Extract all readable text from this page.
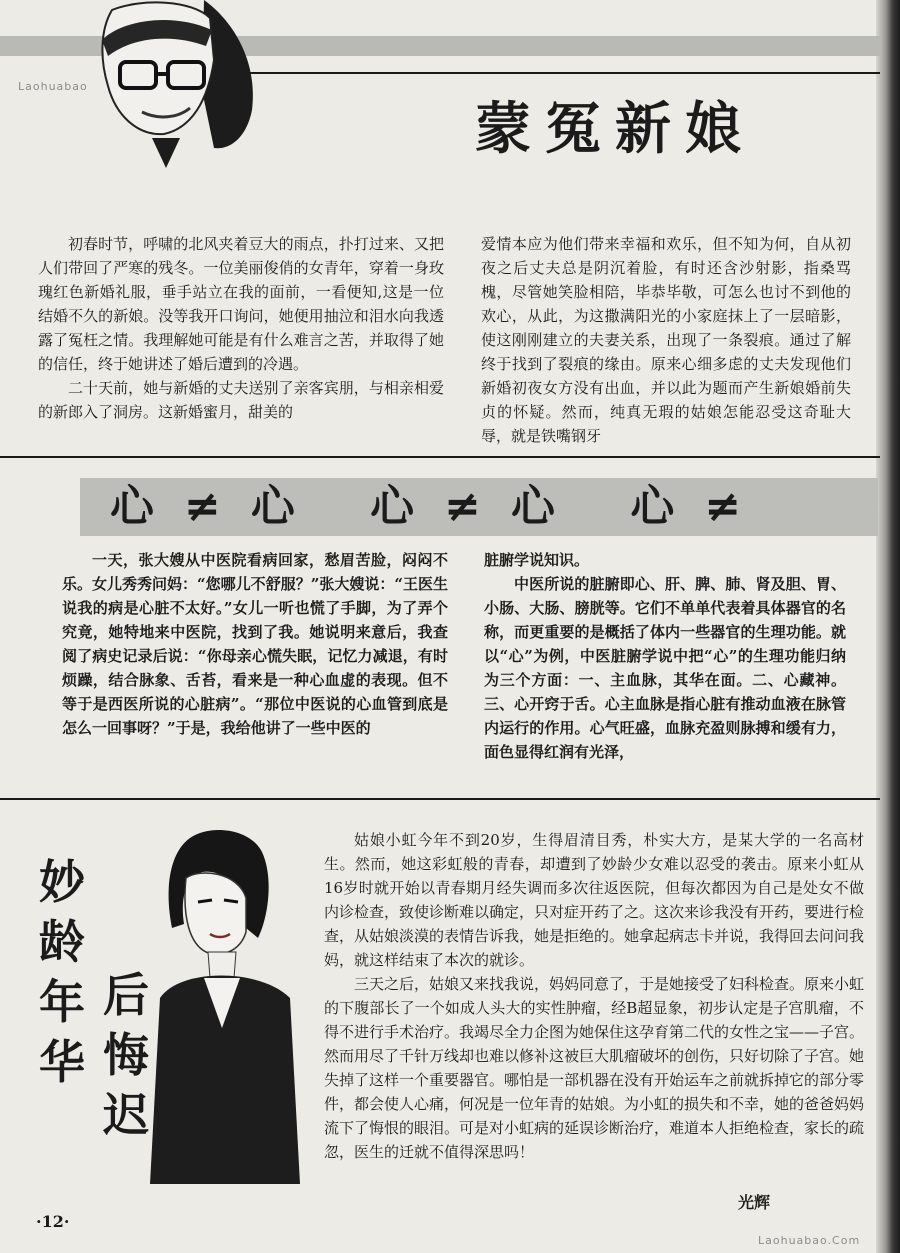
Laohuabao
蒙冤新娘

初春时节，呼啸的北风夹着豆大的雨点，扑打过来、又把人们带回了严寒的残冬。一位美丽俊俏的女青年，穿着一身玫瑰红色新婚礼服，垂手站立在我的面前，一看便知,这是一位结婚不久的新娘。没等我开口询问，她便用抽泣和泪水向我透露了冤枉之情。我理解她可能是有什么难言之苦，并取得了她的信任，终于她讲述了婚后遭到的冷遇。

二十天前，她与新婚的丈夫送别了亲客宾朋，与相亲相爱的新郎入了洞房。这新婚蜜月，甜美的

爱情本应为他们带来幸福和欢乐，但不知为何，自从初夜之后丈夫总是阴沉着脸，有时还含沙射影，指桑骂槐，尽管她笑脸相陪，毕恭毕敬，可怎么也讨不到他的欢心，从此，为这撒满阳光的小家庭抹上了一层暗影，使这刚刚建立的夫妻关系，出现了一条裂痕。通过了解终于找到了裂痕的缘由。原来心细多虑的丈夫发现他们新婚初夜女方没有出血，并以此为题而产生新娘婚前失贞的怀疑。然而，纯真无瑕的姑娘怎能忍受这奇耻大辱，就是铁嘴钢牙

心≠心 心≠心 心≠

一天，张大嫂从中医院看病回家，愁眉苦脸，闷闷不乐。女儿秀秀问妈：“您哪儿不舒服？”张大嫂说：“王医生说我的病是心脏不太好。”女儿一听也慌了手脚，为了弄个究竟，她特地来中医院，找到了我。她说明来意后，我查阅了病史记录后说：“你母亲心慌失眠，记忆力减退，有时烦躁，结合脉象、舌苔，看来是一种心血虚的表现。但不等于是西医所说的心脏病”。“那位中医说的心血管到底是怎么一回事呀？”于是，我给他讲了一些中医的

脏腑学说知识。

中医所说的脏腑即心、肝、脾、肺、肾及胆、胃、小肠、大肠、膀胱等。它们不单单代表着具体器官的名称，而更重要的是概括了体内一些器官的生理功能。就以“心”为例，中医脏腑学说中把“心”的生理功能归纳为三个方面：一、主血脉，其华在面。二、心藏神。三、心开窍于舌。心主血脉是指心脏有推动血液在脉管内运行的作用。心气旺盛，血脉充盈则脉搏和缓有力，面色显得红润有光泽，

妙龄年华
后悔迟

姑娘小虹今年不到20岁，生得眉清目秀，朴实大方，是某大学的一名高材生。然而，她这彩虹般的青春，却遭到了妙龄少女难以忍受的袭击。原来小虹从16岁时就开始以青春期月经失调而多次往返医院，但每次都因为自己是处女不做内诊检查，致使诊断难以确定，只对症开药了之。这次来诊我没有开药，要进行检查，从姑娘淡漠的表情告诉我，她是拒绝的。她拿起病志卡并说，我得回去问问我妈，就这样结束了本次的就诊。

三天之后，姑娘又来找我说，妈妈同意了，于是她接受了妇科检查。原来小虹的下腹部长了一个如成人头大的实性肿瘤，经B超显象，初步认定是子宫肌瘤，不得不进行手术治疗。我竭尽全力企图为她保住这孕育第二代的女性之宝——子宫。然而用尽了千针万线却也难以修补这被巨大肌瘤破坏的创伤，只好切除了子宫。她失掉了这样一个重要器官。哪怕是一部机器在没有开始运车之前就拆掉它的部分零件，都会使人心痛，何况是一位年青的姑娘。为小虹的损失和不幸，她的爸爸妈妈流下了悔恨的眼泪。可是对小虹病的延误诊断治疗，难道本人拒绝检查，家长的疏忽，医生的迁就不值得深思吗！

·12·
光辉
Laohuabao.Com
